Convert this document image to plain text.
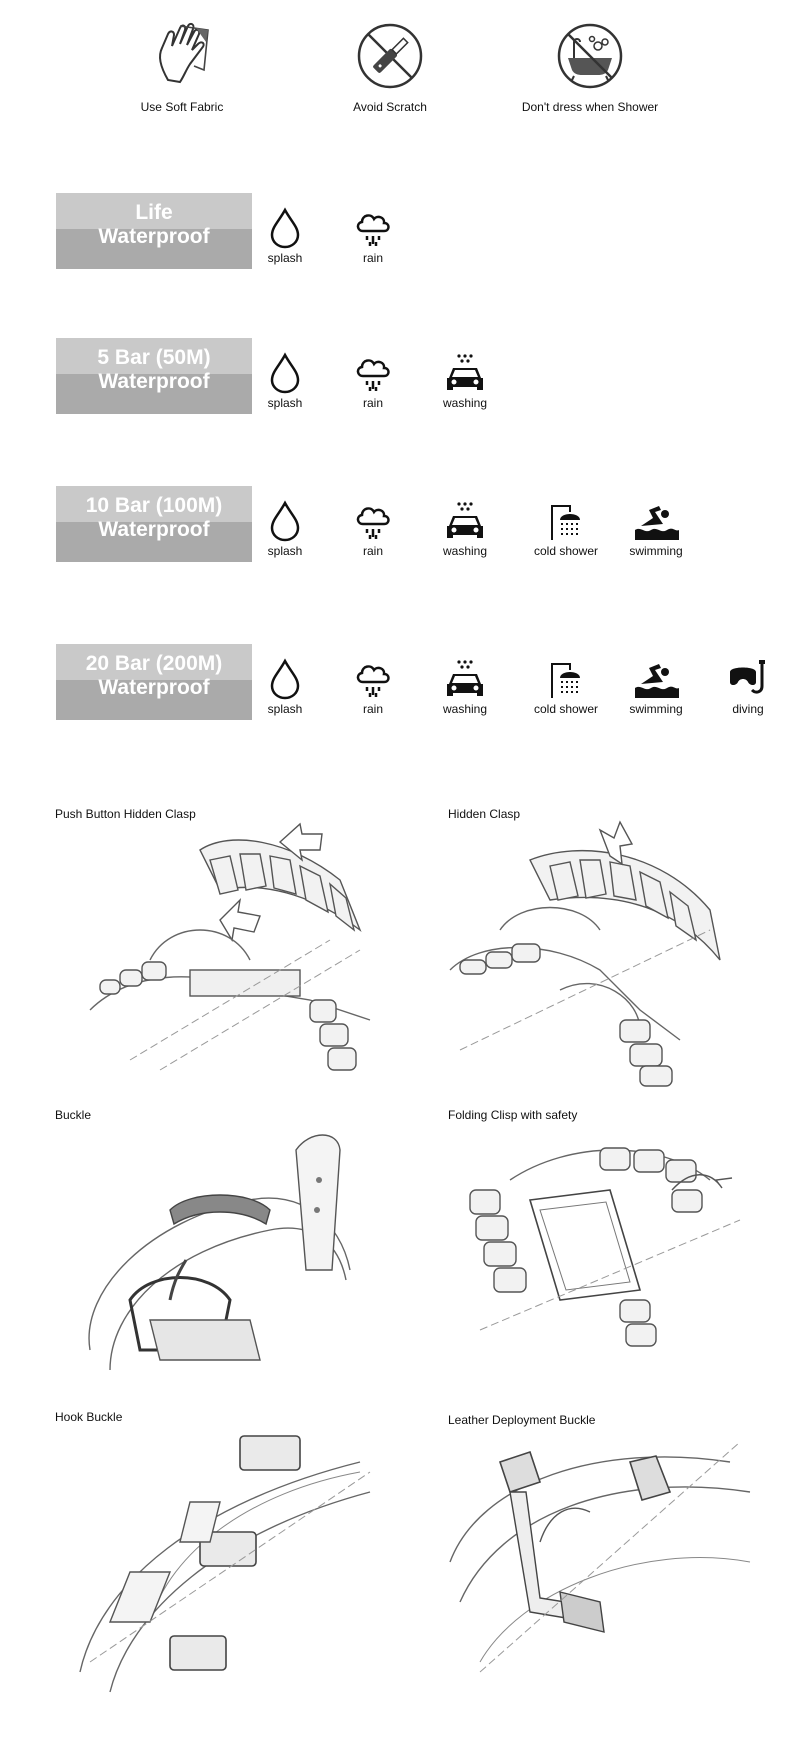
Use Soft Fabric	Avoid Scratch	Don't dress when Shower
Life
Waterproof
splash	rain
5 Bar (50M)
Waterproof
splash	rain	washing
10 Bar (100M)
Waterproof
splash	rain	washing	cold shower	swimming
20 Bar (200M)
Waterproof
splash	rain	washing	cold shower	swimming	diving
Push Button Hidden Clasp	Hidden Clasp
Buckle	Folding Clisp with safety
Hook Buckle	Leather Deployment Buckle
